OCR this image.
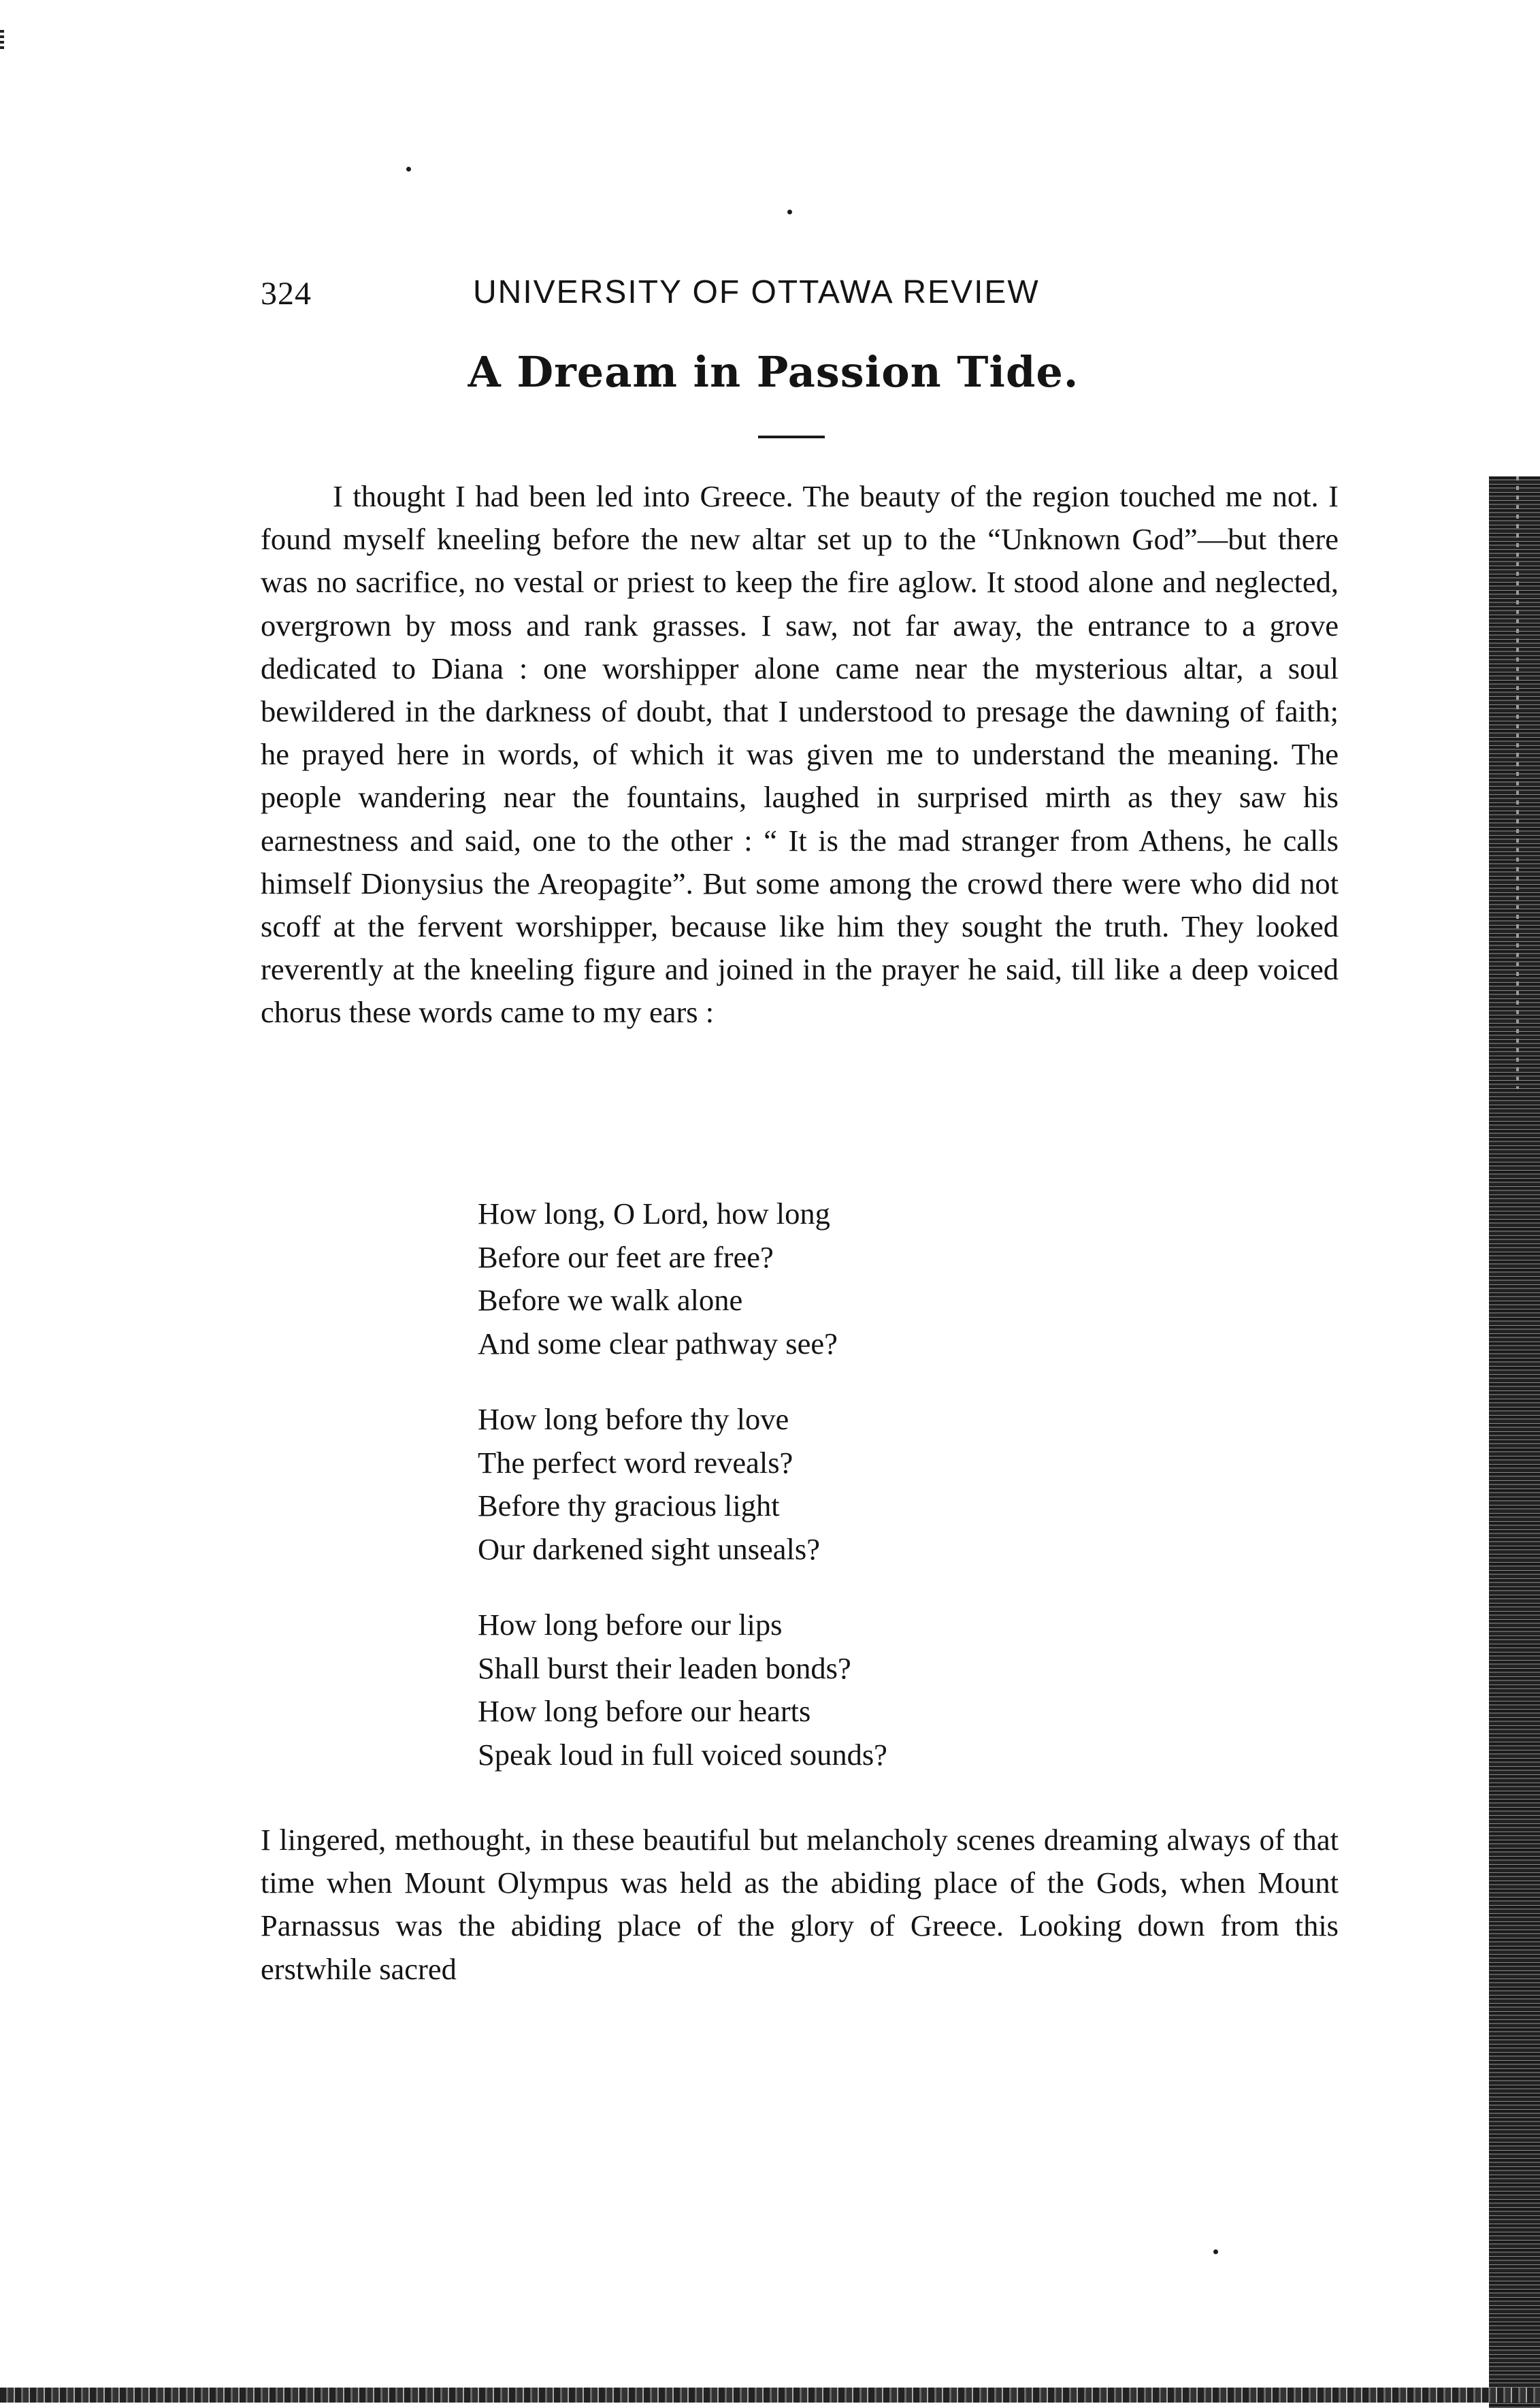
324	UNIVERSITY OF OTTAWA REVIEW
A Dream in Passion Tide.

I thought I had been led into Greece. The beauty of the region touched me not. I found myself kneeling before the new altar set up to the “Unknown God”—but there was no sacrifice, no vestal or priest to keep the fire aglow. It stood alone and neglected, overgrown by moss and rank grasses. I saw, not far away, the entrance to a grove dedicated to Diana : one worshipper alone came near the mysterious altar, a soul bewildered in the darkness of doubt, that I understood to presage the dawning of faith; he prayed here in words, of which it was given me to understand the meaning. The people wandering near the fountains, laughed in surprised mirth as they saw his earnestness and said, one to the other : “ It is the mad stranger from Athens, he calls himself Dionysius the Areopagite”. But some among the crowd there were who did not scoff at the fervent worshipper, because like him they sought the truth. They looked reverently at the kneeling figure and joined in the prayer he said, till like a deep voiced chorus these words came to my ears :

How long, O Lord, how long
Before our feet are free?
Before we walk alone
And some clear pathway see?
How long before thy love
The perfect word reveals?
Before thy gracious light
Our darkened sight unseals?
How long before our lips
Shall burst their leaden bonds?
How long before our hearts
Speak loud in full voiced sounds?

I lingered, methought, in these beautiful but melancholy scenes dreaming always of that time when Mount Olympus was held as the abiding place of the Gods, when Mount Parnassus was the abiding place of the glory of Greece. Looking down from this erstwhile sacred
